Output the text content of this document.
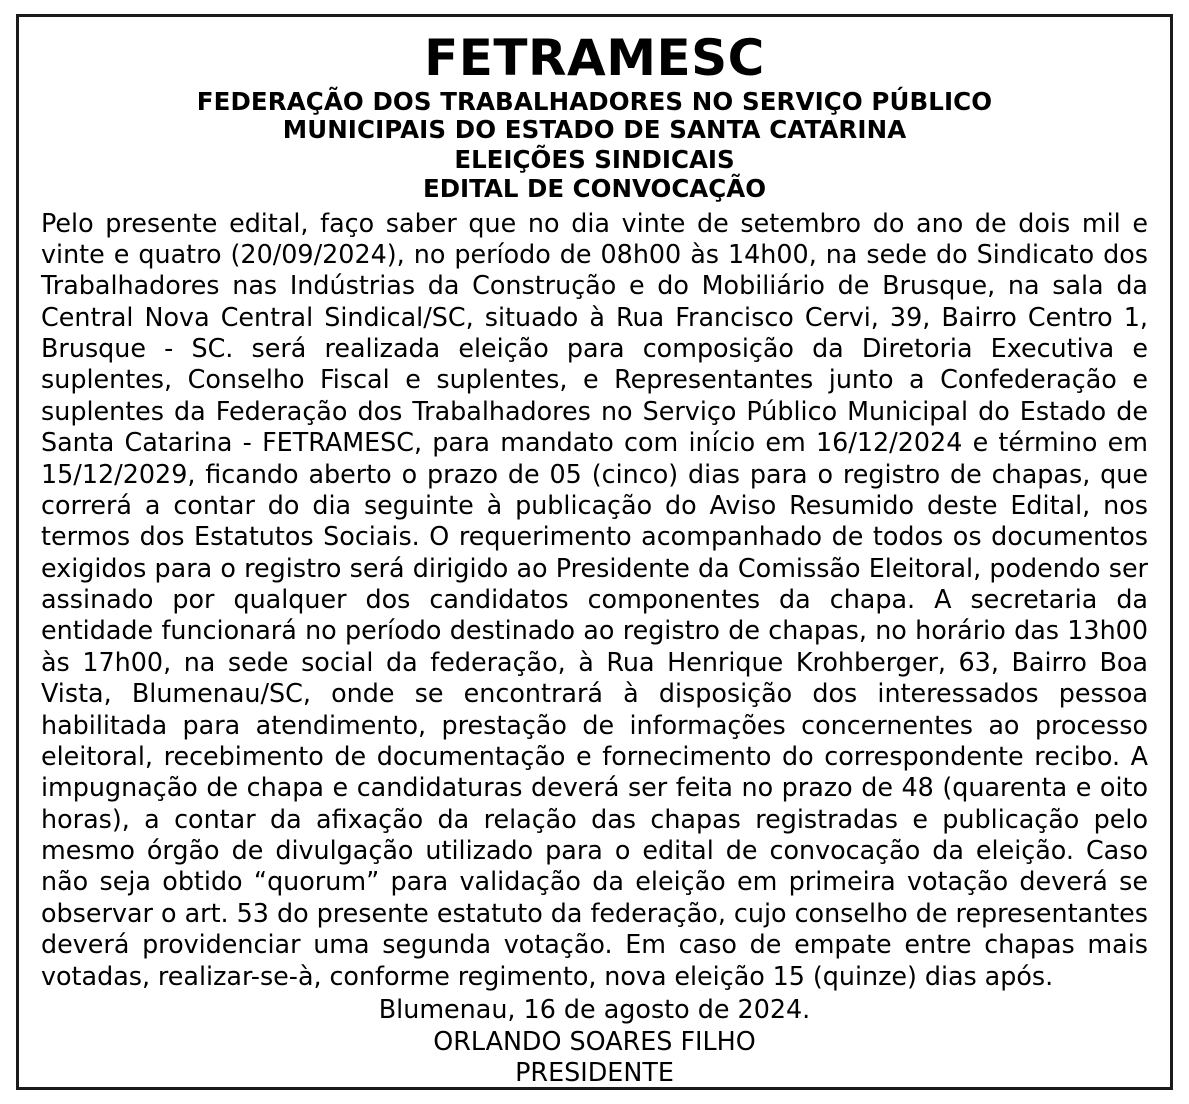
FETRAMESC
FEDERAÇÃO DOS TRABALHADORES NO SERVIÇO PÚBLICO
MUNICIPAIS DO ESTADO DE SANTA CATARINA
ELEIÇÕES SINDICAIS
EDITAL DE CONVOCAÇÃO

Pelo presente edital, faço saber que no dia vinte de setembro do ano de dois mil e vinte e quatro (20/09/2024), no período de 08h00 às 14h00, na sede do Sindicato dos Trabalhadores nas Indústrias da Construção e do Mobiliário de Brusque, na sala da Central Nova Central Sindical/SC, situado à Rua Francisco Cervi, 39, Bairro Centro 1, Brusque - SC. será realizada eleição para composição da Diretoria Executiva e suplentes, Conselho Fiscal e suplentes, e Representantes junto a Confederação e suplentes da Federação dos Trabalhadores no Serviço Público Municipal do Estado de Santa Catarina - FETRAMESC, para mandato com início em 16/12/2024 e término em 15/12/2029, ficando aberto o prazo de 05 (cinco) dias para o registro de chapas, que correrá a contar do dia seguinte à publicação do Aviso Resumido deste Edital, nos termos dos Estatutos Sociais. O requerimento acompanhado de todos os documentos exigidos para o registro será dirigido ao Presidente da Comissão Eleitoral, podendo ser assinado por qualquer dos candidatos componentes da chapa. A secretaria da entidade funcionará no período destinado ao registro de chapas, no horário das 13h00 às 17h00, na sede social da federação, à Rua Henrique Krohberger, 63, Bairro Boa Vista, Blumenau/SC, onde se encontrará à disposição dos interessados pessoa habilitada para atendimento, prestação de informações concernentes ao processo eleitoral, recebimento de documentação e fornecimento do correspondente recibo. A impugnação de chapa e candidaturas deverá ser feita no prazo de 48 (quarenta e oito horas), a contar da afixação da relação das chapas registradas e publicação pelo mesmo órgão de divulgação utilizado para o edital de convocação da eleição. Caso não seja obtido “quorum” para validação da eleição em primeira votação deverá se observar o art. 53 do presente estatuto da federação, cujo conselho de representantes deverá providenciar uma segunda votação. Em caso de empate entre chapas mais votadas, realizar-se-à, conforme regimento, nova eleição 15 (quinze) dias após.

Blumenau, 16 de agosto de 2024.
ORLANDO SOARES FILHO
PRESIDENTE
